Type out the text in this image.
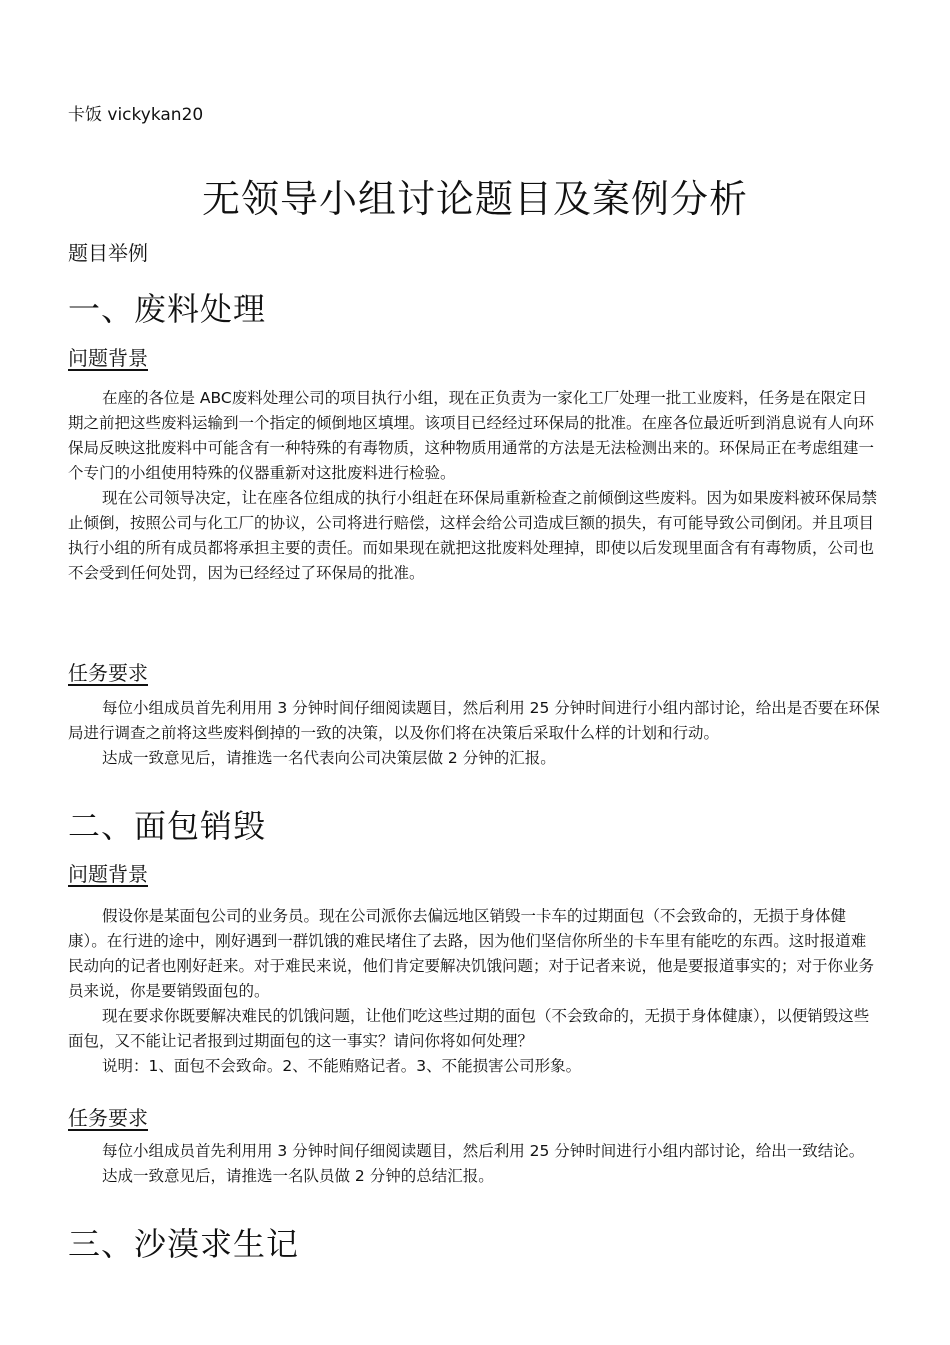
卡饭 vickykan20
无领导小组讨论题目及案例分析
题目举例
一、废料处理
问题背景

在座的各位是 ABC废料处理公司的项目执行小组，现在正负责为一家化工厂处理一批工业废料，任务是在限定日期之前把这些废料运输到一个指定的倾倒地区填埋。该项目已经经过环保局的批准。在座各位最近听到消息说有人向环保局反映这批废料中可能含有一种特殊的有毒物质，这种物质用通常的方法是无法检测出来的。环保局正在考虑组建一个专门的小组使用特殊的仪器重新对这批废料进行检验。

现在公司领导决定，让在座各位组成的执行小组赶在环保局重新检查之前倾倒这些废料。因为如果废料被环保局禁止倾倒，按照公司与化工厂的协议，公司将进行赔偿，这样会给公司造成巨额的损失，有可能导致公司倒闭。并且项目执行小组的所有成员都将承担主要的责任。而如果现在就把这批废料处理掉，即使以后发现里面含有有毒物质，公司也不会受到任何处罚，因为已经经过了环保局的批准。

任务要求

每位小组成员首先利用用 3 分钟时间仔细阅读题目，然后利用 25 分钟时间进行小组内部讨论，给出是否要在环保局进行调查之前将这些废料倒掉的一致的决策，以及你们将在决策后采取什么样的计划和行动。

达成一致意见后，请推选一名代表向公司决策层做 2 分钟的汇报。

二、面包销毁
问题背景

假设你是某面包公司的业务员。现在公司派你去偏远地区销毁一卡车的过期面包（不会致命的，无损于身体健康）。在行进的途中，刚好遇到一群饥饿的难民堵住了去路，因为他们坚信你所坐的卡车里有能吃的东西。这时报道难民动向的记者也刚好赶来。对于难民来说，他们肯定要解决饥饿问题；对于记者来说，他是要报道事实的；对于你业务员来说，你是要销毁面包的。

现在要求你既要解决难民的饥饿问题，让他们吃这些过期的面包（不会致命的，无损于身体健康），以便销毁这些面包，又不能让记者报到过期面包的这一事实？请问你将如何处理？

说明：1、面包不会致命。2、不能贿赂记者。3、不能损害公司形象。

任务要求

每位小组成员首先利用用 3 分钟时间仔细阅读题目，然后利用 25 分钟时间进行小组内部讨论，给出一致结论。

达成一致意见后，请推选一名队员做 2 分钟的总结汇报。

三、沙漠求生记
